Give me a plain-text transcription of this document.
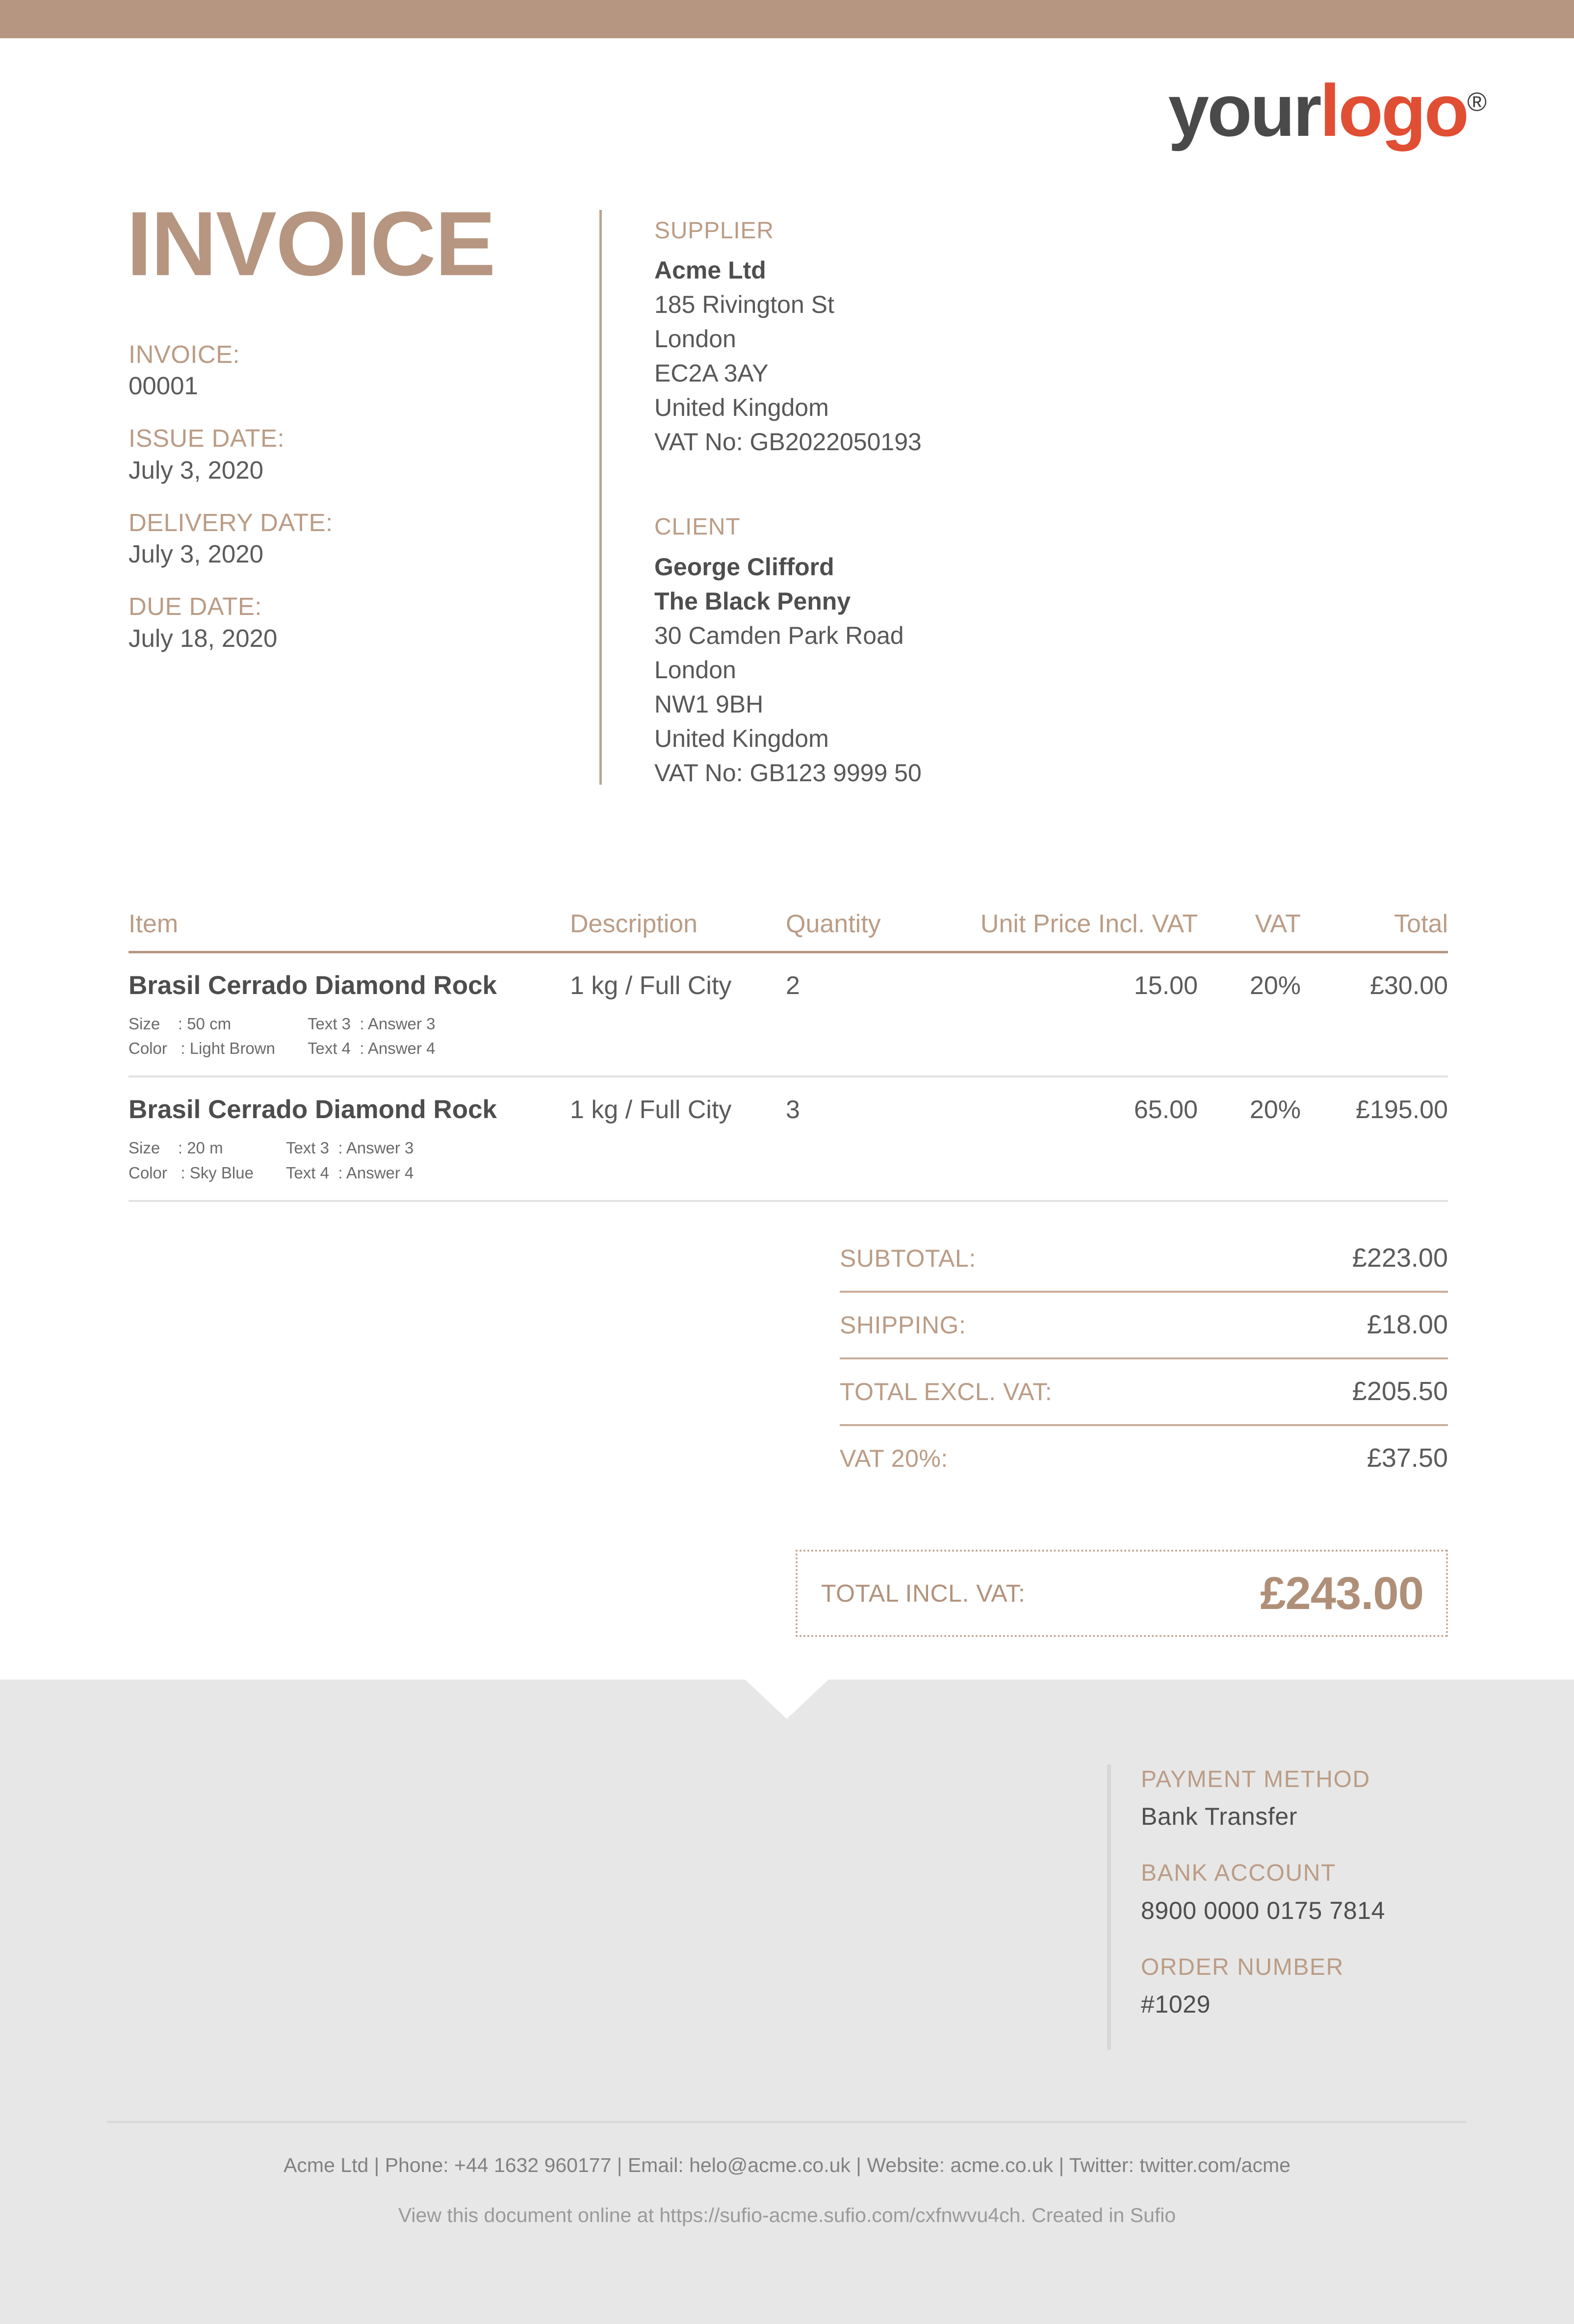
yourlogo®
INVOICE
INVOICE:
00001
ISSUE DATE:
July 3, 2020
DELIVERY DATE:
July 3, 2020
DUE DATE:
July 18, 2020
SUPPLIER
Acme Ltd
185 Rivington St
London
EC2A 3AY
United Kingdom
VAT No: GB2022050193
CLIENT
George Clifford
The Black Penny
30 Camden Park Road
London
NW1 9BH
United Kingdom
VAT No: GB123 9999 50
Item	Description	Quantity	Unit Price Incl. VAT	VAT	Total
Brasil Cerrado Diamond Rock
Size    : 50 cm
Color   : Light Brown
Text 3  : Answer 3
Text 4  : Answer 4
1 kg / Full City	2	15.00	20%	£30.00
Brasil Cerrado Diamond Rock
Size    : 20 m
Color   : Sky Blue
Text 3  : Answer 3
Text 4  : Answer 4
1 kg / Full City	3	65.00	20%	£195.00
SUBTOTAL:	£223.00
SHIPPING:	£18.00
TOTAL EXCL. VAT:	£205.50
VAT 20%:	£37.50
TOTAL INCL. VAT:	£243.00
PAYMENT METHOD
Bank Transfer
BANK ACCOUNT
8900 0000 0175 7814
ORDER NUMBER
#1029
Acme Ltd | Phone: +44 1632 960177 | Email: helo@acme.co.uk | Website: acme.co.uk | Twitter: twitter.com/acme
View this document online at https://sufio-acme.sufio.com/cxfnwvu4ch. Created in Sufio
